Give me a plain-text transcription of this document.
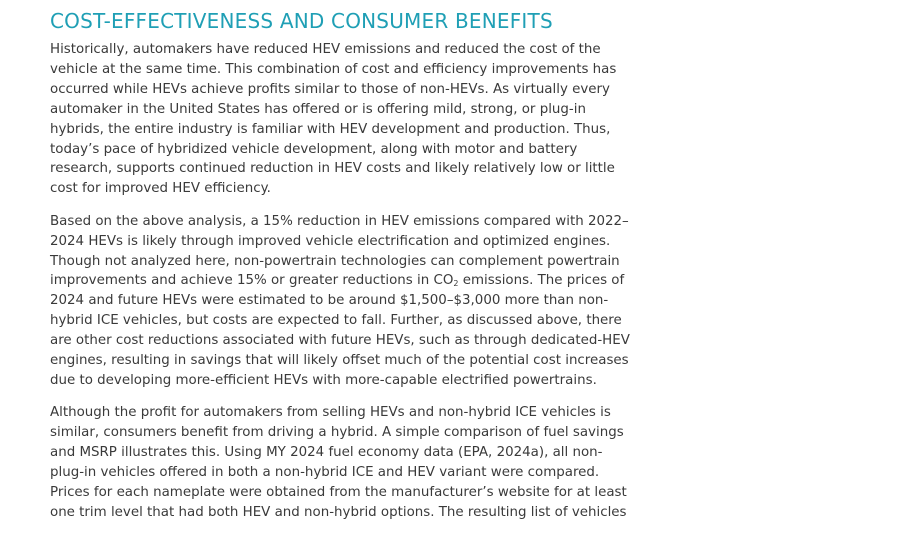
COST-EFFECTIVENESS AND CONSUMER BENEFITS

Historically, automakers have reduced HEV emissions and reduced the cost of the
vehicle at the same time. This combination of cost and efficiency improvements has
occurred while HEVs achieve profits similar to those of non-HEVs. As virtually every
automaker in the United States has offered or is offering mild, strong, or plug-in
hybrids, the entire industry is familiar with HEV development and production. Thus,
today’s pace of hybridized vehicle development, along with motor and battery
research, supports continued reduction in HEV costs and likely relatively low or little
cost for improved HEV efficiency.

Based on the above analysis, a 15% reduction in HEV emissions compared with 2022–
2024 HEVs is likely through improved vehicle electrification and optimized engines.
Though not analyzed here, non-powertrain technologies can complement powertrain
improvements and achieve 15% or greater reductions in $CO_2$ emissions. The prices of
2024 and future HEVs were estimated to be around $1,500–$3,000 more than non-
hybrid ICE vehicles, but costs are expected to fall. Further, as discussed above, there
are other cost reductions associated with future HEVs, such as through dedicated-HEV
engines, resulting in savings that will likely offset much of the potential cost increases
due to developing more-efficient HEVs with more-capable electrified powertrains.

Although the profit for automakers from selling HEVs and non-hybrid ICE vehicles is
similar, consumers benefit from driving a hybrid. A simple comparison of fuel savings
and MSRP illustrates this. Using MY 2024 fuel economy data (EPA, 2024a), all non-
plug-in vehicles offered in both a non-hybrid ICE and HEV variant were compared.
Prices for each nameplate were obtained from the manufacturer’s website for at least
one trim level that had both HEV and non-hybrid options. The resulting list of vehicles
